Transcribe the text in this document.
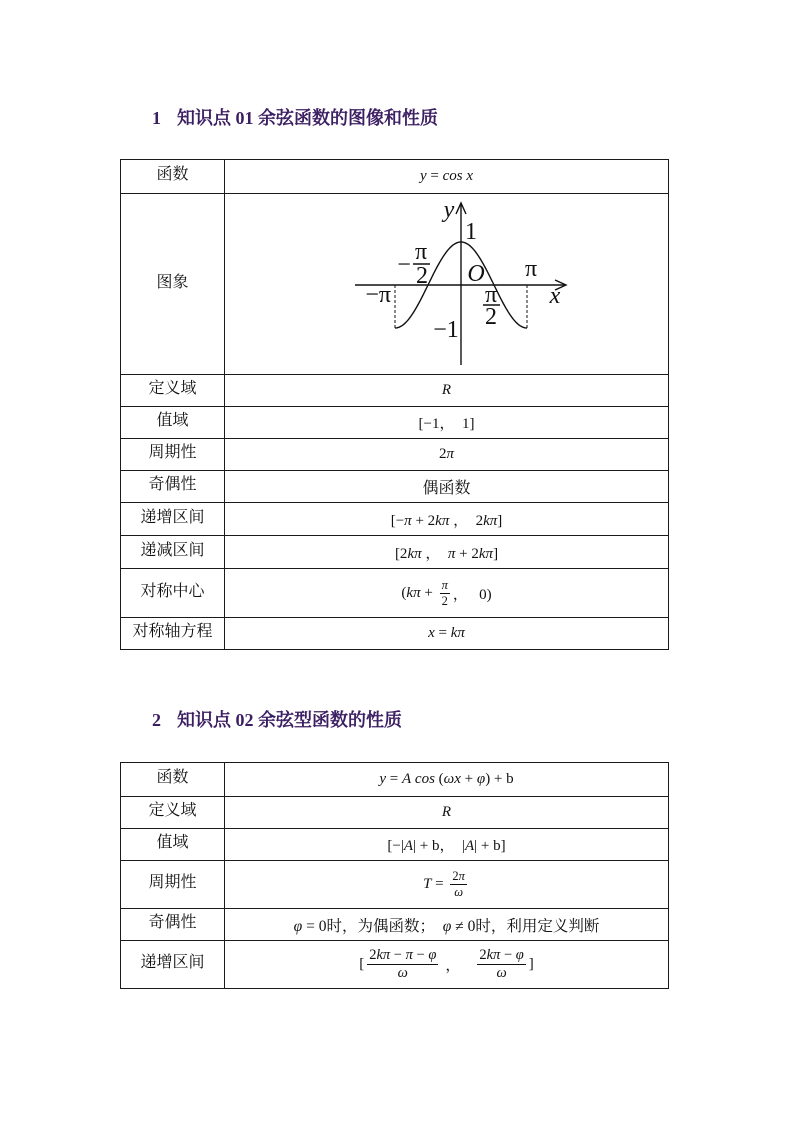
1 知识点 01 余弦函数的图像和性质
函数	y = cos x
图象
y
1
O π
x
−π
− π
2
π
2
−1
定义域	R
值域	[−1，  1]
周期性	2π
奇偶性	偶函数
递增区间	[−π + 2kπ ，  2kπ]
递减区间	[2kπ ，  π + 2kπ]
对称中心	($k\pi + \frac{\pi}{2}$ ，   0)
对称轴方程	x = kπ
2 知识点 02 余弦型函数的性质
函数	y = A cos (ωx + φ) + b
定义域	R
值域	[−|A| + b，  |A| + b]
周期性	$T = \frac{2\pi}{\omega}$
奇偶性	φ = 0时，为偶函数；  φ ≠ 0时，利用定义判断
递增区间	[ $\frac{2k\pi - \pi - \varphi}{\omega}$ ， $\frac{2k\pi - \varphi}{\omega}$ ]
